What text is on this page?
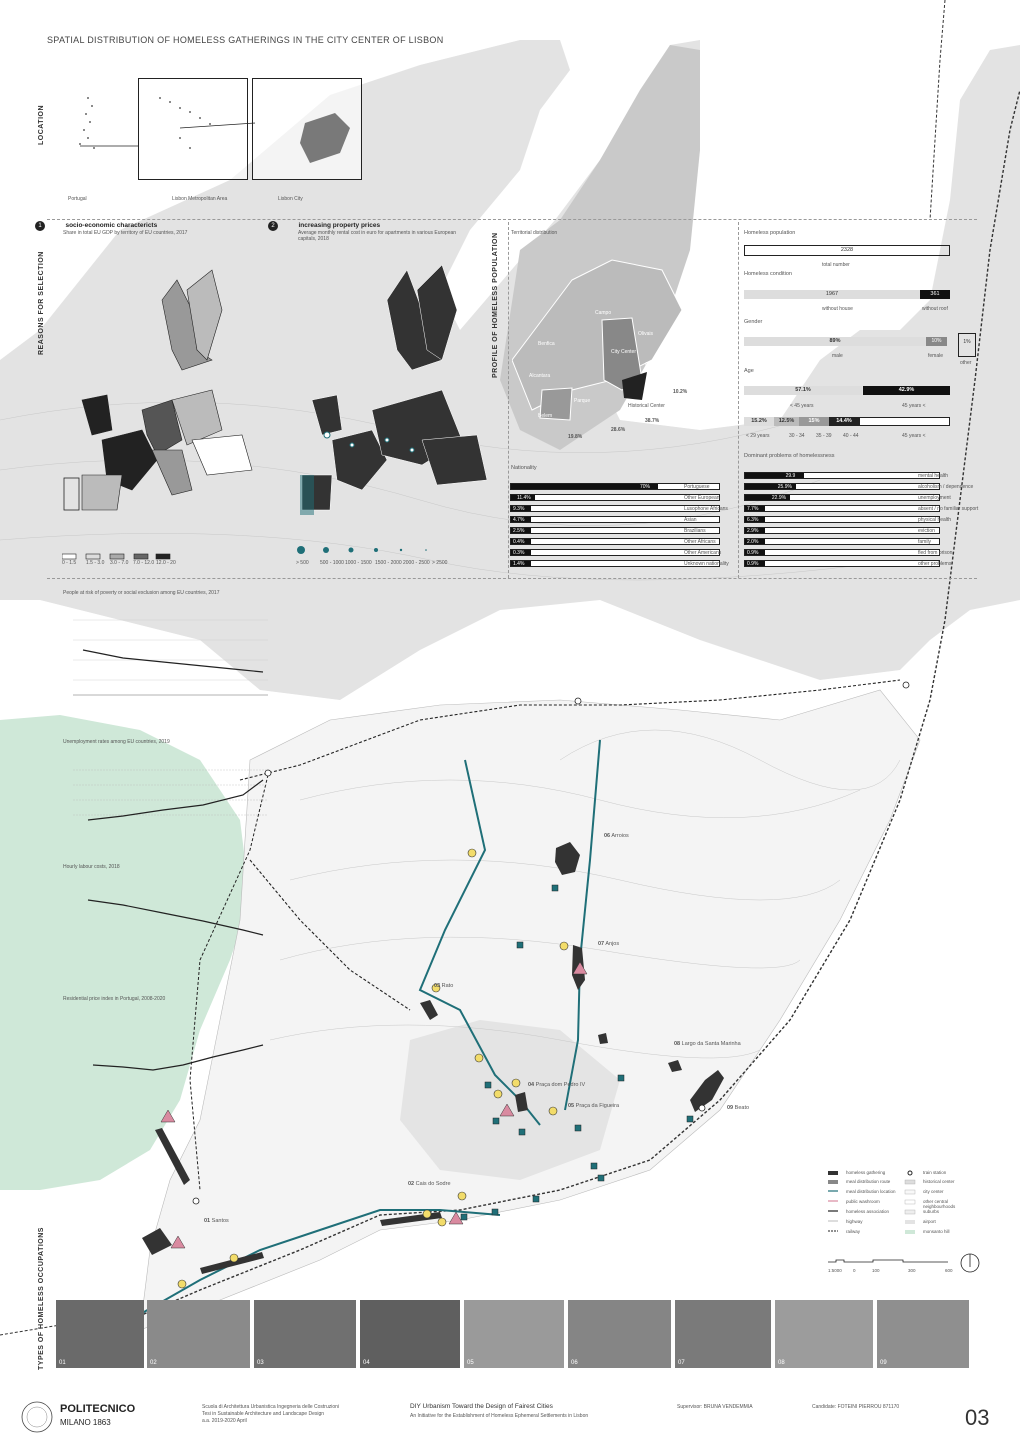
SPATIAL DISTRIBUTION OF HOMELESS GATHERINGS IN THE CITY CENTER OF LISBON
LOCATION
Portugal	Lisbon Metropolitan Area	Lisbon City
REASONS FOR SELECTION
1	socio-economic charactericts
Share in total EU GDP by territory of EU countries, 2017
2	increasing property prices
Average monthly rental cost in euro for apartments in various European capitals, 2018
0 - 1.5 1.5 - 3.0 3.0 - 7.0 7.0 - 12.0 12.0 - 20	> 500 500 - 1000 1000 - 1500 1500 - 2000 2000 - 2500 > 2500
People at risk of poverty or social exclusion among EU countries, 2017
Unemployment rates among EU countries, 2019
Hourly labour costs, 2018
Residential price index in Portugal, 2008-2020
PROFILE OF HOMELESS POPULATION Territorial distribution
Benfica
Alcantara
Campo
Parque
Belem
Olivais
Oriente
City Center
Historical Center
10.2%
28.6%
38.7%
19.8%
Homeless population
2328
total number
Homeless condition
1967	361
without house	without roof
Gender
89%	10%	1%
male	female
other
Age
57.1%	42.9%
< 45 years	45 years <
15.2%	12.5%	15%	14.4%
< 29 years	30 - 34 35 - 39 40 - 44	45 years <
Nationality
70%	Portuguese
11.4%	Other European
9.3%	Lusophone Africans
4.7%	Asian
2.5%	Brazilians
0.4%	Other Africans
0.3%	Other Americans
1.4%	Unknown nationality
Dominant problems of homelessness
29.9	mental health
25.9%	alcoholism / dependence
22.9%	unemployment
7.7%	absent / no familiar support
6.3%	physical health
2.9%	eviction
2.0%	family
0.9%	fled from prison
0.9%	other problems
06 Arroios
07 Anjos
03 Rato
08 Largo da Santa Marinha
04 Praça dom Pedro IV
05 Praça da Figueira	09 Beato
02 Cais do Sodre
01 Santos
homeless gathering
meal distribution route
meal distribution location
public washroom
homeless association
highway
railway
train station
historical center
city center
other central neighbourhoods
suburbs
airport
monsanto hill
1:5000 0	100	300	600
TYPES OF HOMELESS OCCUPATIONS 01	02	03	04	05	06	07	08	09
POLITECNICO
MILANO 1863
Scuola di Architettura Urbanistica Ingegneria delle Costruzioni
Tesi in Sustainable Architecture and Landscape Design
a.a. 2019-2020 April
DIY Urbanism Toward the Design of Fairest Cities
An Initiative for the Establishment of Homeless Ephemeral Settlements in Lisbon
Supervisor: BRUNA VENDEMMIA	Candidate: FOTEINI PIERROU 871170	03
